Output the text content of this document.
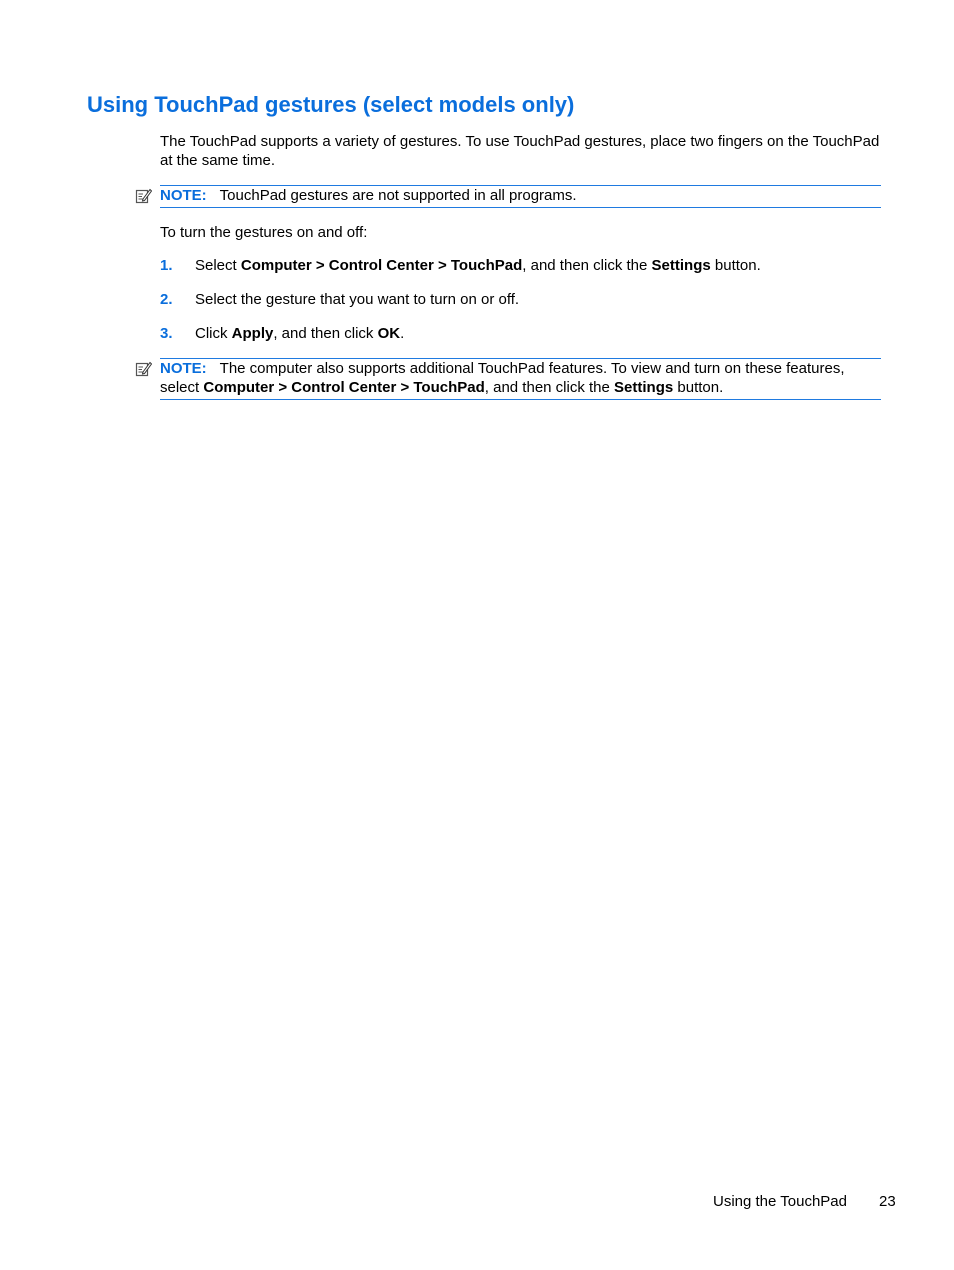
Using TouchPad gestures (select models only)

The TouchPad supports a variety of gestures. To use TouchPad gestures, place two fingers on the TouchPad at the same time.

NOTE: TouchPad gestures are not supported in all programs.

To turn the gestures on and off:

1. Select Computer > Control Center > TouchPad, and then click the Settings button.
2. Select the gesture that you want to turn on or off.
3. Click Apply, and then click OK.
NOTE: The computer also supports additional TouchPad features. To view and turn on these features, select Computer > Control Center > TouchPad, and then click the Settings button.
Using the TouchPad 23
